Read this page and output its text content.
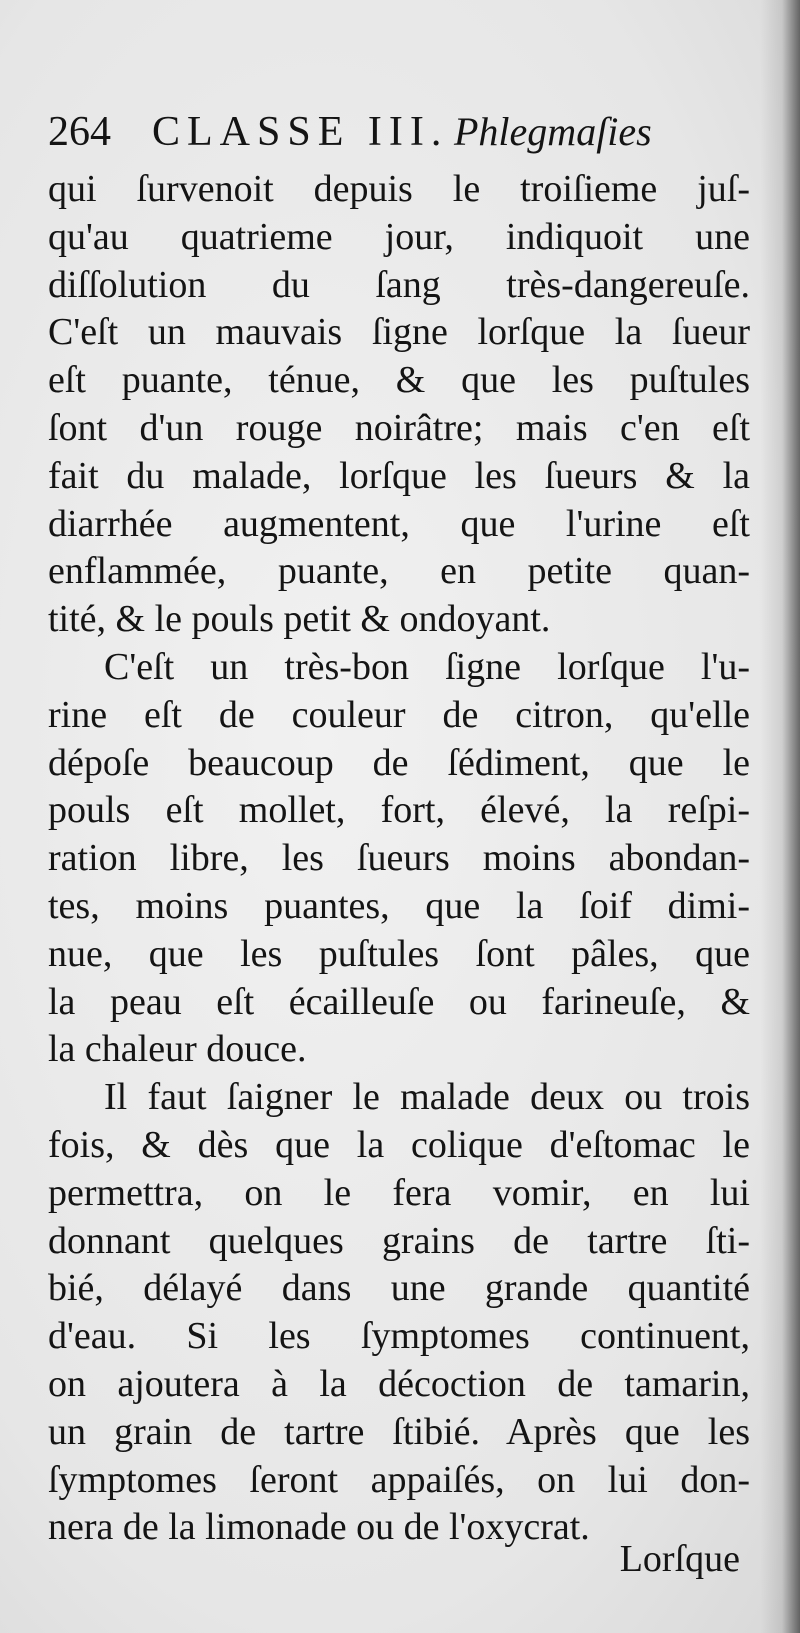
264 CLASSE III. Phlegmaſies
qui ſurvenoit depuis le troiſieme juſ-
qu'au quatrieme jour, indiquoit une
diſſolution du ſang très-dangereuſe.
C'eſt un mauvais ſigne lorſque la ſueur
eſt puante, ténue, & que les puſtules
ſont d'un rouge noirâtre; mais c'en eſt
fait du malade, lorſque les ſueurs & la
diarrhée augmentent, que l'urine eſt
enflammée, puante, en petite quan-
tité, & le pouls petit & ondoyant.
C'eſt un très-bon ſigne lorſque l'u-
rine eſt de couleur de citron, qu'elle
dépoſe beaucoup de ſédiment, que le
pouls eſt mollet, fort, élevé, la reſpi-
ration libre, les ſueurs moins abondan-
tes, moins puantes, que la ſoif dimi-
nue, que les puſtules ſont pâles, que
la peau eſt écailleuſe ou farineuſe, &
la chaleur douce.
Il faut ſaigner le malade deux ou trois
fois, & dès que la colique d'eſtomac le
permettra, on le fera vomir, en lui
donnant quelques grains de tartre ſti-
bié, délayé dans une grande quantité
d'eau. Si les ſymptomes continuent,
on ajoutera à la décoction de tamarin,
un grain de tartre ſtibié. Après que les
ſymptomes ſeront appaiſés, on lui don-
nera de la limonade ou de l'oxycrat.
Lorſque
